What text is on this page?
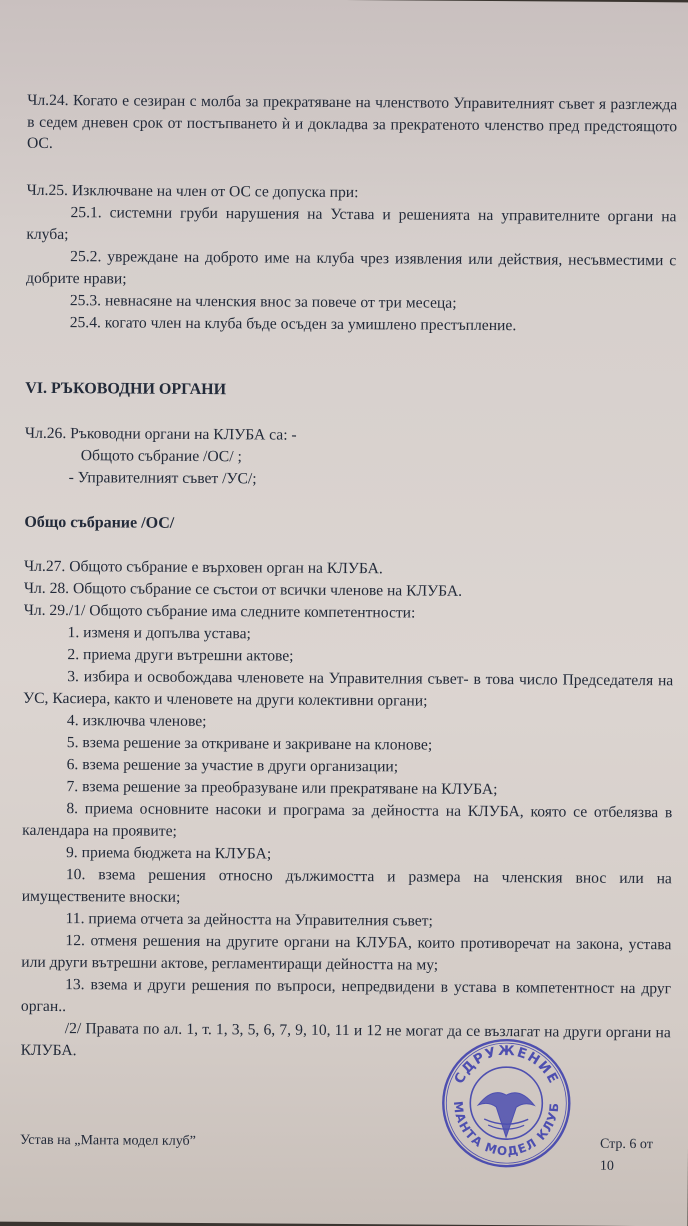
Чл.24. Когато е сезиран с молба за прекратяване на членството Управителният съвет я разглежда в седем дневен срок от постъпването ѝ и докладва за прекратеното членство пред предстоящото ОС.

Чл.25. Изключване на член от ОС се допуска при:

25.1. системни груби нарушения на Устава и решенията на управителните органи на клуба;

25.2. увреждане на доброто име на клуба чрез изявления или действия, несъвместими с добрите нрави;

25.3. невнасяне на членския внос за повече от три месеца;

25.4. когато член на клуба бъде осъден за умишлено престъпление.

VI. РЪКОВОДНИ ОРГАНИ

Чл.26. Ръководни органи на КЛУБА са: -

Общото събрание /ОС/ ;

- Управителният съвет /УС/;

Общо събрание /ОС/

Чл.27. Общото събрание е върховен орган на КЛУБА.

Чл. 28. Общото събрание се състои от всички членове на КЛУБА.

Чл. 29./1/ Общото събрание има следните компетентности:

1. изменя и допълва устава;

2. приема други вътрешни актове;

3. избира и освобождава членовете на Управителния съвет- в това число Председателя на УС, Касиера, както и членовете на други колективни органи;

4. изключва членове;

5. взема решение за откриване и закриване на клонове;

6. взема решение за участие в други организации;

7. взема решение за преобразуване или прекратяване на КЛУБА;

8. приема основните насоки и програма за дейността на КЛУБА, която се отбелязва в календара на проявите;

9. приема бюджета на КЛУБА;

10. взема решения относно дължимостта и размера на членския внос или на имуществените вноски;

11. приема отчета за дейността на Управителния съвет;

12. отменя решения на другите органи на КЛУБА, които противоречат на закона, устава или други вътрешни актове, регламентиращи дейността на му;

13. взема и други решения по въпроси, непредвидени в устава в компетентност на друг орган..

/2/ Правата по ал. 1, т. 1, 3, 5, 6, 7, 9, 10, 11 и 12 не могат да се възлагат на други органи на КЛУБА.

Устав на „Манта модел клуб”	Стр. 6 от 10
СДРУЖЕНИЕ
МАНТА МОДЕЛ КЛУБ
